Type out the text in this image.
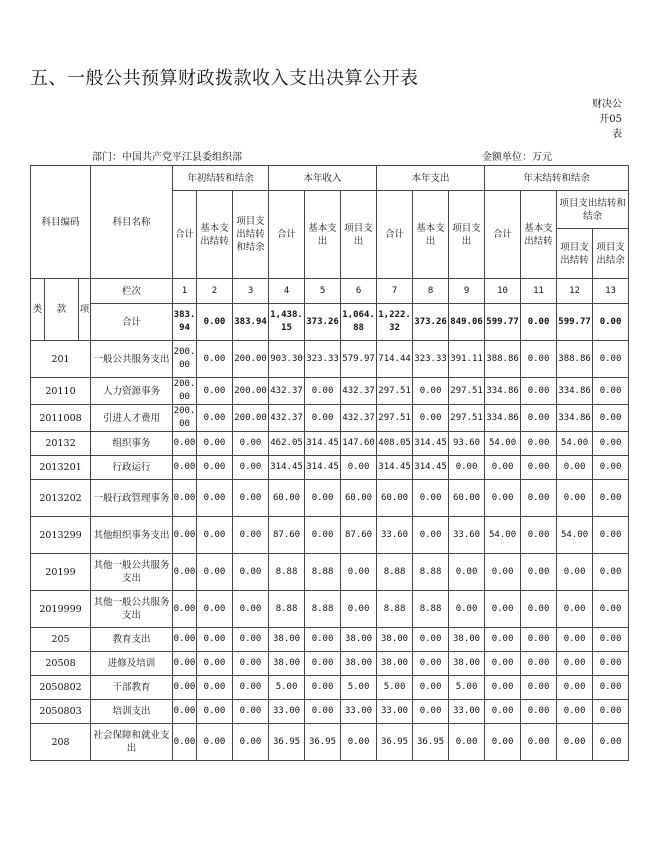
五、一般公共预算财政拨款收入支出决算公开表
财决公
开05
表
部门：中国共产党平江县委组织部	金额单位：万元
科目编码			科目名称	年初结转和结余			本年收入			本年支出			年末结转和结余			
				合计	基本支出结转	项目支出结转和结余	合计	基本支出	项目支出	合计	基本支出	项目支出	合计	基本支出结转	项目支出结转和结余	
															项目支出结转	项目支出结余
类	款	项	栏次	1	2	3	4	5	6	7	8	9	10	11	12	13
			合计	383.94	0.00	383.94	1,438.15	373.26	1,064.88	1,222.32	373.26	849.06	599.77	0.00	599.77	0.00
201			一般公共服务支出	200.00	0.00	200.00	903.30	323.33	579.97	714.44	323.33	391.11	388.86	0.00	388.86	0.00
20110			人力资源事务	200.00	0.00	200.00	432.37	0.00	432.37	297.51	0.00	297.51	334.86	0.00	334.86	0.00
2011008			引进人才费用	200.00	0.00	200.00	432.37	0.00	432.37	297.51	0.00	297.51	334.86	0.00	334.86	0.00
20132			组织事务	0.00	0.00	0.00	462.05	314.45	147.60	408.05	314.45	93.60	54.00	0.00	54.00	0.00
2013201			行政运行	0.00	0.00	0.00	314.45	314.45	0.00	314.45	314.45	0.00	0.00	0.00	0.00	0.00
2013202			一般行政管理事务	0.00	0.00	0.00	60.00	0.00	60.00	60.00	0.00	60.00	0.00	0.00	0.00	0.00
2013299			其他组织事务支出	0.00	0.00	0.00	87.60	0.00	87.60	33.60	0.00	33.60	54.00	0.00	54.00	0.00
20199			其他一般公共服务支出	0.00	0.00	0.00	8.88	8.88	0.00	8.88	8.88	0.00	0.00	0.00	0.00	0.00
2019999			其他一般公共服务支出	0.00	0.00	0.00	8.88	8.88	0.00	8.88	8.88	0.00	0.00	0.00	0.00	0.00
205			教育支出	0.00	0.00	0.00	38.00	0.00	38.00	38.00	0.00	38.00	0.00	0.00	0.00	0.00
20508			进修及培训	0.00	0.00	0.00	38.00	0.00	38.00	38.00	0.00	38.00	0.00	0.00	0.00	0.00
2050802			干部教育	0.00	0.00	0.00	5.00	0.00	5.00	5.00	0.00	5.00	0.00	0.00	0.00	0.00
2050803			培训支出	0.00	0.00	0.00	33.00	0.00	33.00	33.00	0.00	33.00	0.00	0.00	0.00	0.00
208			社会保障和就业支出	0.00	0.00	0.00	36.95	36.95	0.00	36.95	36.95	0.00	0.00	0.00	0.00	0.00
